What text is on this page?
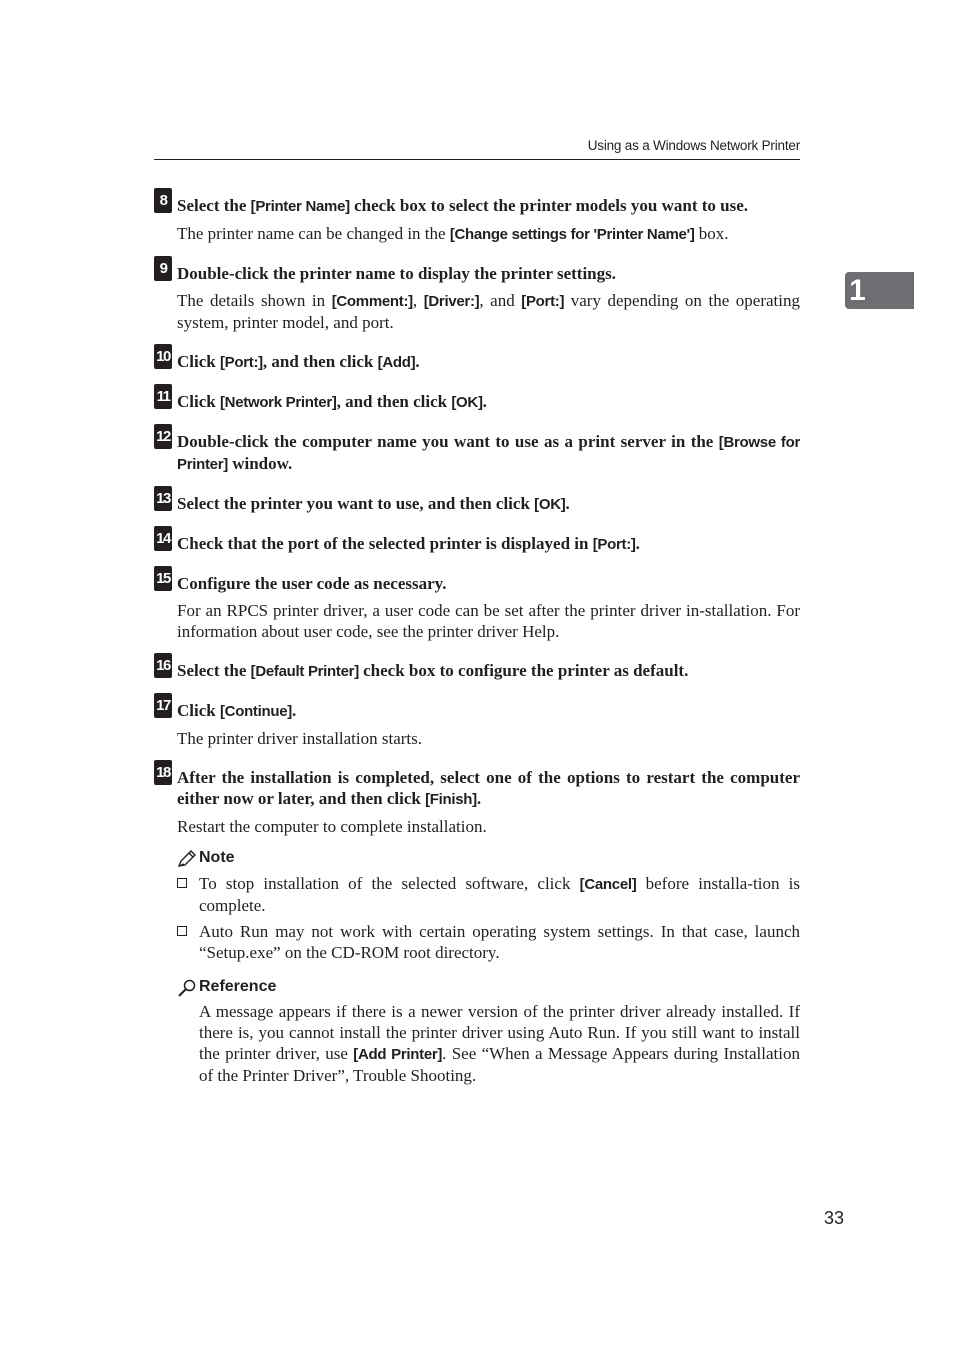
Using as a Windows Network Printer
1
8 Select the [Printer Name] check box to select the printer models you want to use.
The printer name can be changed in the [Change settings for 'Printer Name'] box.
9 Double-click the printer name to display the printer settings.
The details shown in [Comment:], [Driver:], and [Port:] vary depending on the operating system, printer model, and port.
10 Click [Port:], and then click [Add].
11 Click [Network Printer], and then click [OK].
12 Double-click the computer name you want to use as a print server in the [Browse for Printer] window.
13 Select the printer you want to use, and then click [OK].
14 Check that the port of the selected printer is displayed in [Port:].
15 Configure the user code as necessary.
For an RPCS printer driver, a user code can be set after the printer driver in-stallation. For information about user code, see the printer driver Help.
16 Select the [Default Printer] check box to configure the printer as default.
17 Click [Continue].
The printer driver installation starts.
18 After the installation is completed, select one of the options to restart the computer either now or later, and then click [Finish].
Restart the computer to complete installation.
Note
To stop installation of the selected software, click [Cancel] before installa-tion is complete.
Auto Run may not work with certain operating system settings. In that case, launch “Setup.exe” on the CD-ROM root directory.
Reference
A message appears if there is a newer version of the printer driver already installed. If there is, you cannot install the printer driver using Auto Run. If you still want to install the printer driver, use [Add Printer]. See “When a Message Appears during Installation of the Printer Driver”, Trouble Shooting.
33
